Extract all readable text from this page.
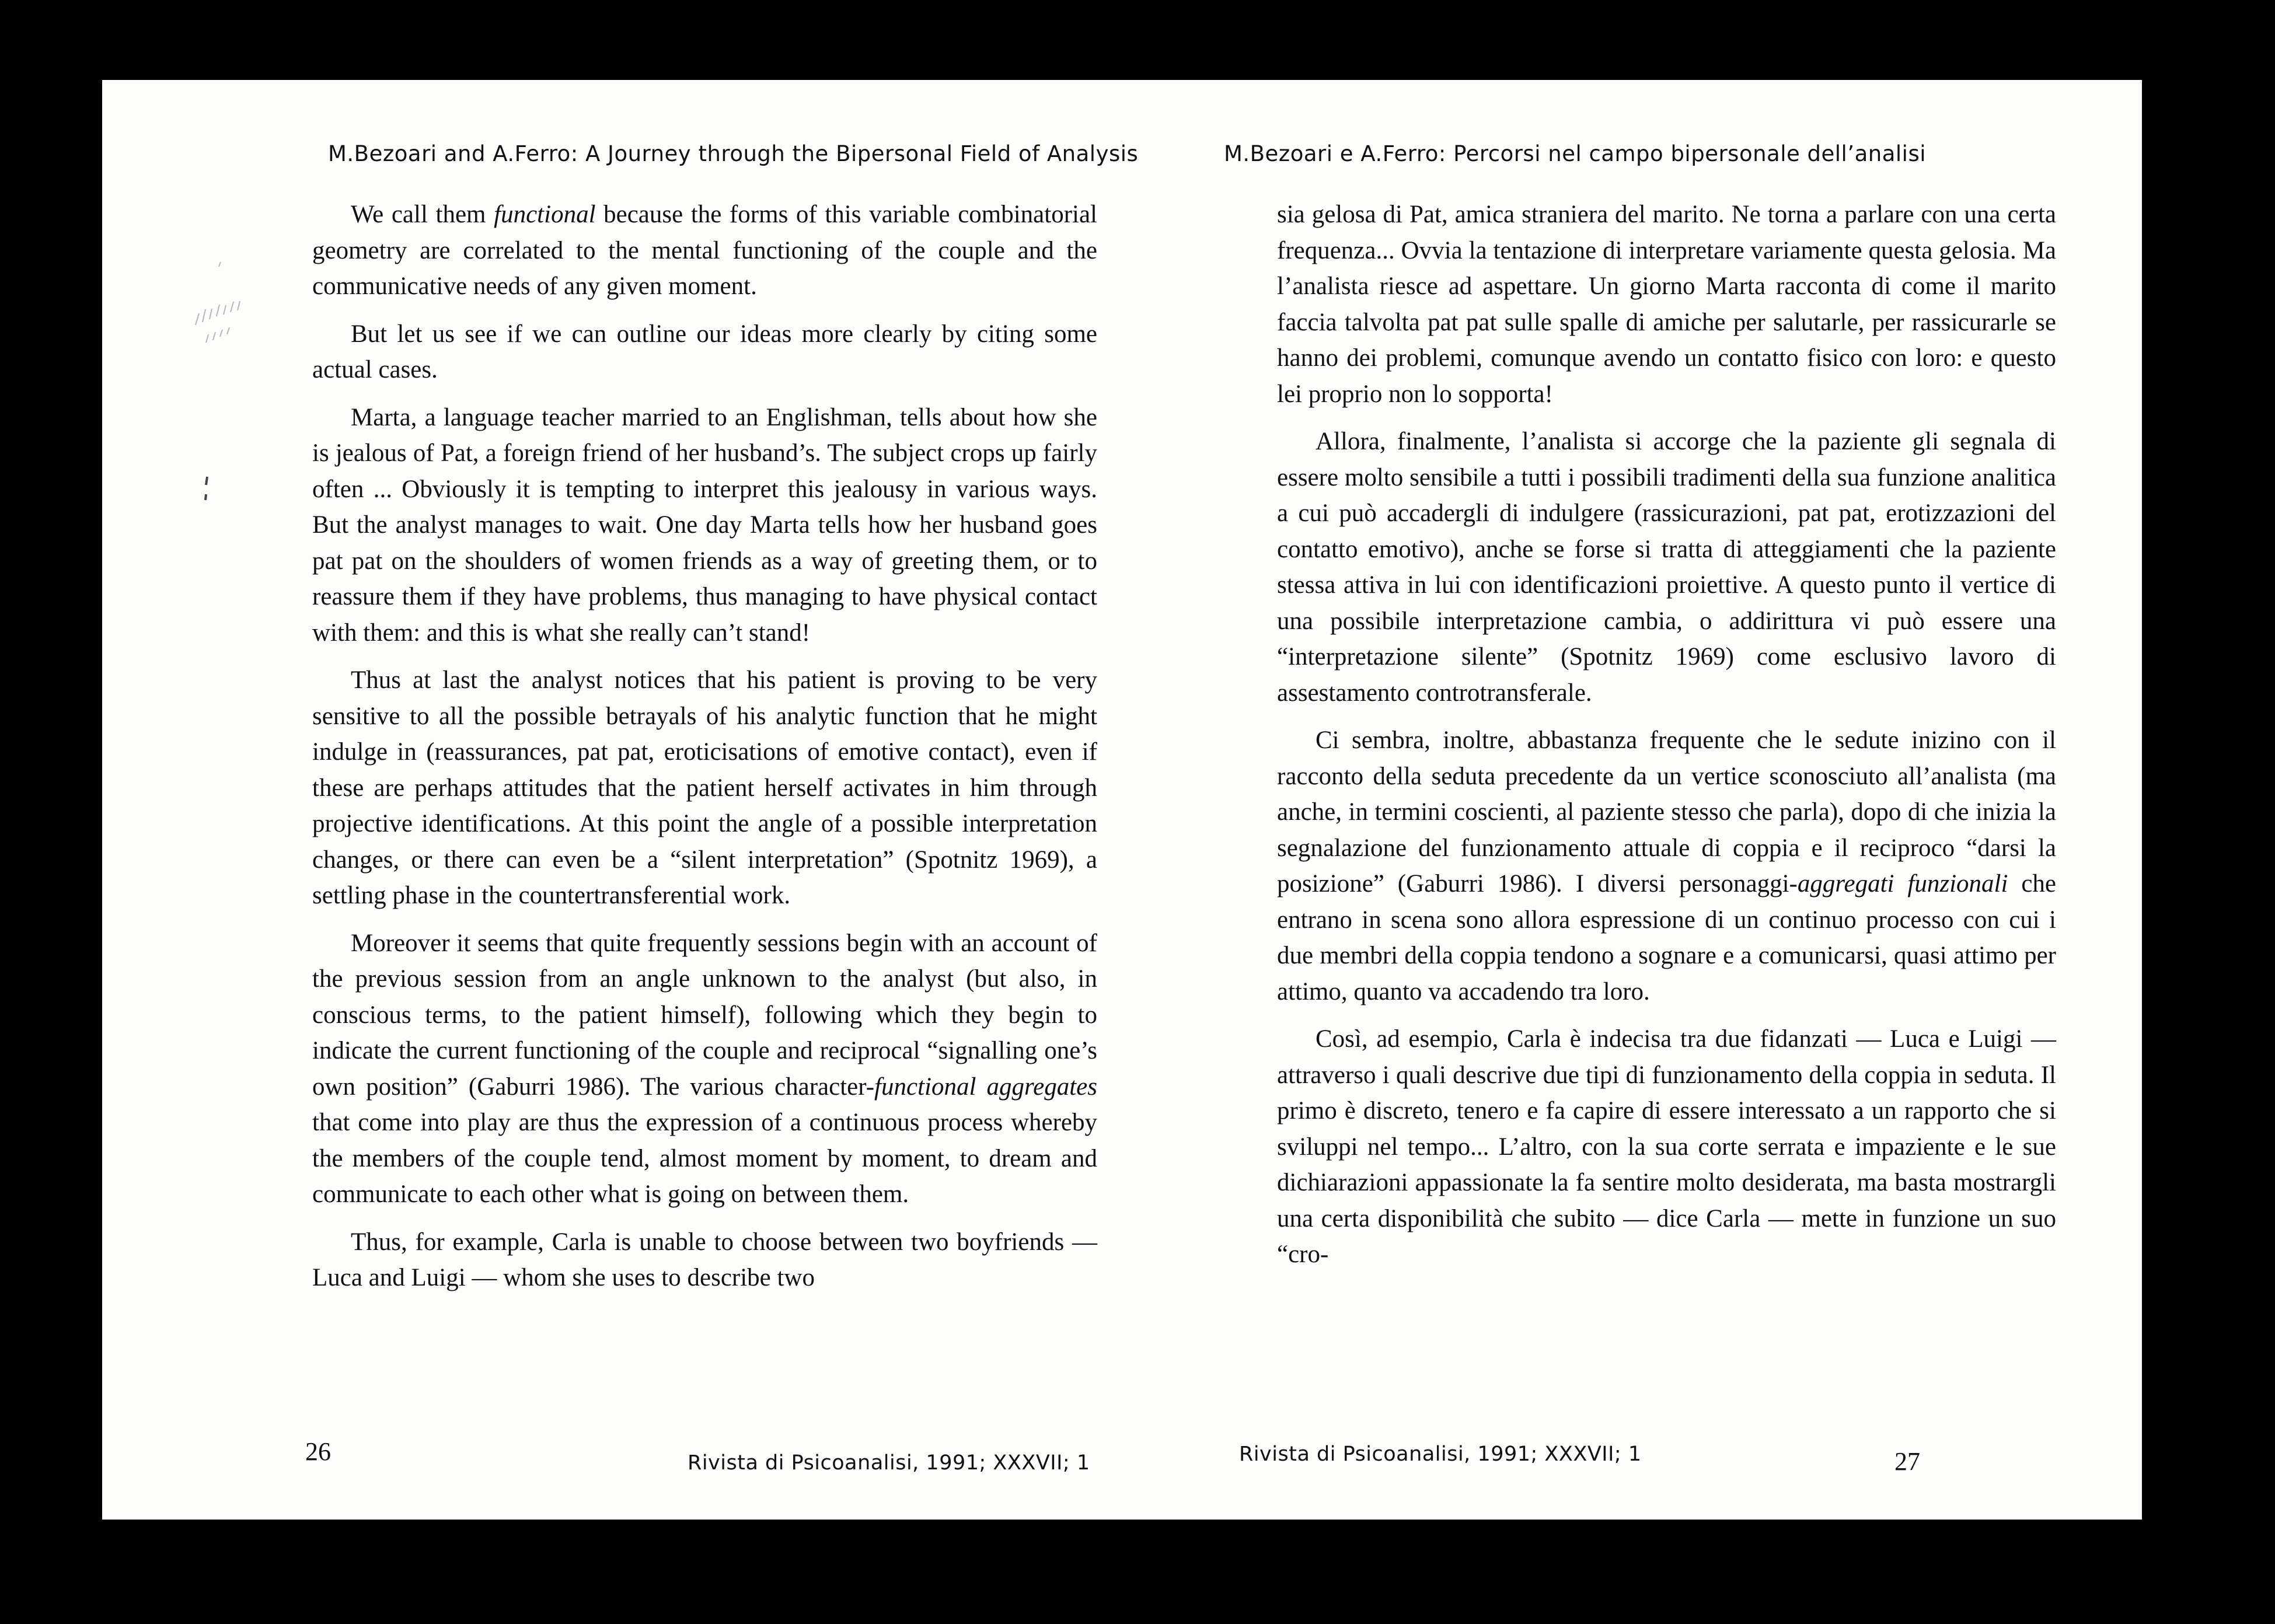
M.Bezoari and A.Ferro: A Journey through the Bipersonal Field of Analysis

We call them functional because the forms of this variable combinatorial geometry are correlated to the mental functioning of the couple and the communicative needs of any given moment.

But let us see if we can outline our ideas more clearly by citing some actual cases.

Marta, a language teacher married to an Englishman, tells about how she is jealous of Pat, a foreign friend of her husband’s. The subject crops up fairly often ... Obviously it is tempting to interpret this jealousy in various ways. But the analyst manages to wait. One day Marta tells how her husband goes pat pat on the shoulders of women friends as a way of greeting them, or to reassure them if they have problems, thus managing to have physical contact with them: and this is what she really can’t stand!

Thus at last the analyst notices that his patient is proving to be very sensitive to all the possible betrayals of his analytic function that he might indulge in (reassurances, pat pat, eroticisations of emotive contact), even if these are perhaps attitudes that the patient herself activates in him through projective identifications. At this point the angle of a possible interpretation changes, or there can even be a “silent interpretation” (Spotnitz 1969), a settling phase in the countertransferential work.

Moreover it seems that quite frequently sessions begin with an account of the previous session from an angle unknown to the analyst (but also, in conscious terms, to the patient himself), following which they begin to indicate the current functioning of the couple and reciprocal “signalling one’s own position” (Gaburri 1986). The various character-functional aggregates that come into play are thus the expression of a continuous process whereby the members of the couple tend, almost moment by moment, to dream and communicate to each other what is going on between them.

Thus, for example, Carla is unable to choose between two boyfriends — Luca and Luigi — whom she uses to describe two

26	Rivista di Psicoanalisi, 1991; XXXVII; 1
M.Bezoari e A.Ferro: Percorsi nel campo bipersonale dell’analisi

sia gelosa di Pat, amica straniera del marito. Ne torna a parlare con una certa frequenza... Ovvia la tentazione di interpretare variamente questa gelosia. Ma l’analista riesce ad aspettare. Un giorno Marta racconta di come il marito faccia talvolta pat pat sulle spalle di amiche per salutarle, per rassicurarle se hanno dei problemi, comunque avendo un contatto fisico con loro: e questo lei proprio non lo sopporta!

Allora, finalmente, l’analista si accorge che la paziente gli segnala di essere molto sensibile a tutti i possibili tradimenti della sua funzione analitica a cui può accadergli di indulgere (rassicurazioni, pat pat, erotizzazioni del contatto emotivo), anche se forse si tratta di atteggiamenti che la paziente stessa attiva in lui con identificazioni proiettive. A questo punto il vertice di una possibile interpretazione cambia, o addirittura vi può essere una “interpretazione silente” (Spotnitz 1969) come esclusivo lavoro di assestamento controtransferale.

Ci sembra, inoltre, abbastanza frequente che le sedute inizino con il racconto della seduta precedente da un vertice sconosciuto all’analista (ma anche, in termini coscienti, al paziente stesso che parla), dopo di che inizia la segnalazione del funzionamento attuale di coppia e il reciproco “darsi la posizione” (Gaburri 1986). I diversi personaggi-aggregati funzionali che entrano in scena sono allora espressione di un continuo processo con cui i due membri della coppia tendono a sognare e a comunicarsi, quasi attimo per attimo, quanto va accadendo tra loro.

Così, ad esempio, Carla è indecisa tra due fidanzati — Luca e Luigi — attraverso i quali descrive due tipi di funzionamento della coppia in seduta. Il primo è discreto, tenero e fa capire di essere interessato a un rapporto che si sviluppi nel tempo... L’altro, con la sua corte serrata e impaziente e le sue dichiarazioni appassionate la fa sentire molto desiderata, ma basta mostrargli una certa disponibilità che subito — dice Carla — mette in funzione un suo “cro-

Rivista di Psicoanalisi, 1991; XXXVII; 1	27
